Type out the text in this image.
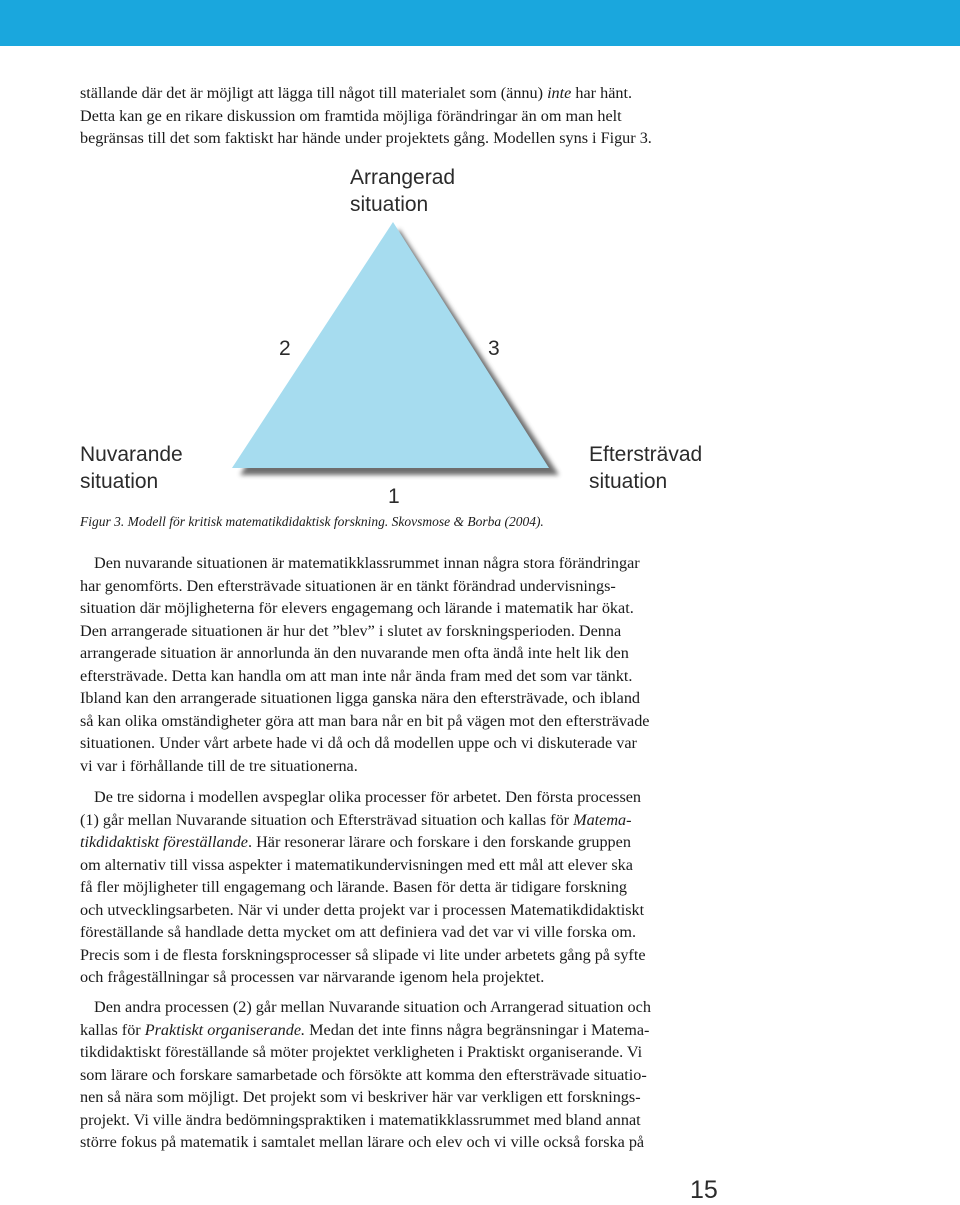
ställande där det är möjligt att lägga till något till materialet som (ännu) inte har hänt.
Detta kan ge en rikare diskussion om framtida möjliga förändringar än om man helt
begränsas till det som faktiskt har hände under projektets gång. Modellen syns i Figur 3.
2	3
1
Arrangerad
situation
Nuvarande
situation
Eftersträvad
situation

Figur 3. Modell för kritisk matematikdidaktisk forskning. Skovsmose & Borba (2004).

Den nuvarande situationen är matematikklassrummet innan några stora förändringar
har genomförts. Den eftersträvade situationen är en tänkt förändrad undervisnings-
situation där möjligheterna för elevers engagemang och lärande i matematik har ökat.
Den arrangerade situationen är hur det ”blev” i slutet av forskningsperioden. Denna
arrangerade situation är annorlunda än den nuvarande men ofta ändå inte helt lik den
eftersträvade. Detta kan handla om att man inte når ända fram med det som var tänkt.
Ibland kan den arrangerade situationen ligga ganska nära den eftersträvade, och ibland
så kan olika omständigheter göra att man bara når en bit på vägen mot den eftersträvade
situationen. Under vårt arbete hade vi då och då modellen uppe och vi diskuterade var
vi var i förhållande till de tre situationerna.
De tre sidorna i modellen avspeglar olika processer för arbetet. Den första processen
(1) går mellan Nuvarande situation och Eftersträvad situation och kallas för Matema-
tikdidaktiskt föreställande. Här resonerar lärare och forskare i den forskande gruppen
om alternativ till vissa aspekter i matematikundervisningen med ett mål att elever ska
få fler möjligheter till engagemang och lärande. Basen för detta är tidigare forskning
och utvecklingsarbeten. När vi under detta projekt var i processen Matematikdidaktiskt
föreställande så handlade detta mycket om att definiera vad det var vi ville forska om.
Precis som i de flesta forskningsprocesser så slipade vi lite under arbetets gång på syfte
och frågeställningar så processen var närvarande igenom hela projektet.
Den andra processen (2) går mellan Nuvarande situation och Arrangerad situation och
kallas för Praktiskt organiserande. Medan det inte finns några begränsningar i Matema-
tikdidaktiskt föreställande så möter projektet verkligheten i Praktiskt organiserande. Vi
som lärare och forskare samarbetade och försökte att komma den eftersträvade situatio-
nen så nära som möjligt. Det projekt som vi beskriver här var verkligen ett forsknings-
projekt. Vi ville ändra bedömningspraktiken i matematikklassrummet med bland annat
större fokus på matematik i samtalet mellan lärare och elev och vi ville också forska på
15
